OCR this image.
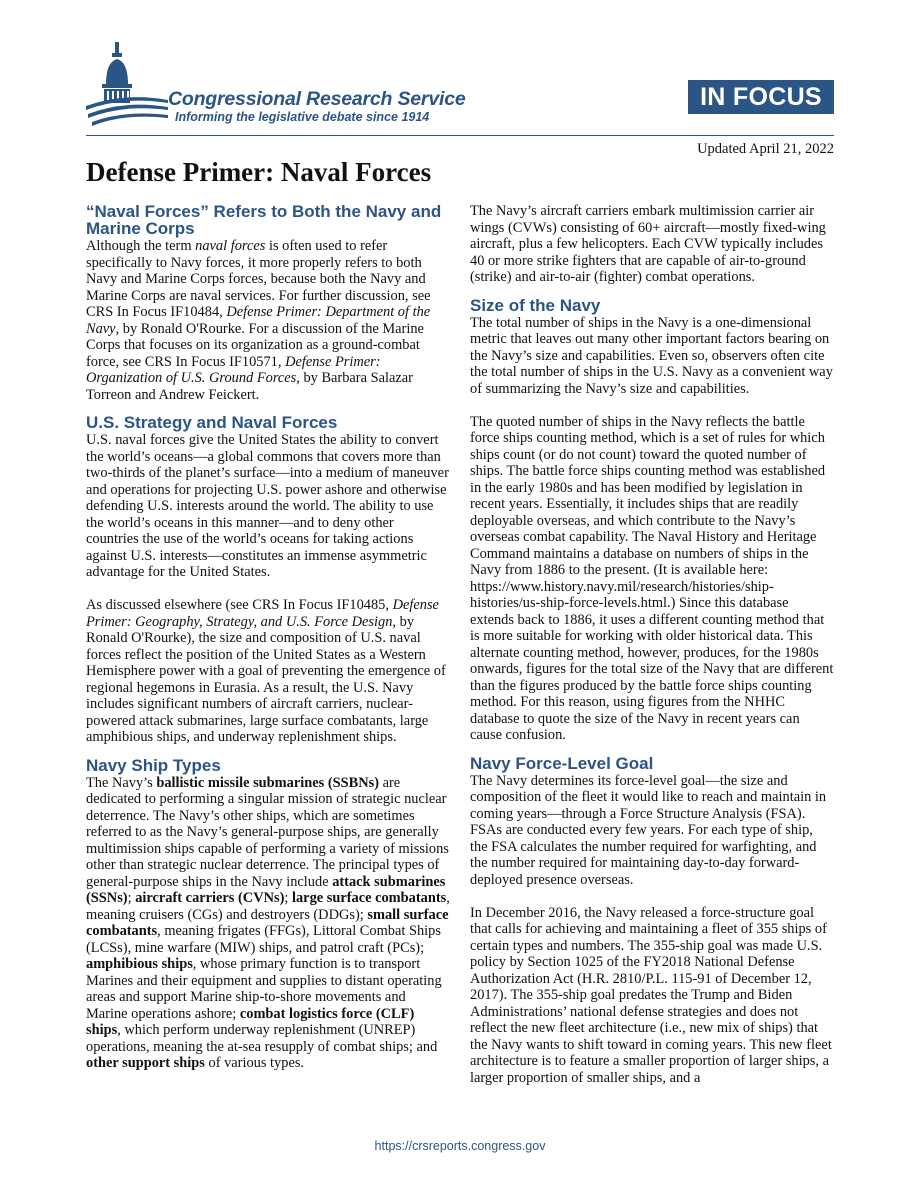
Congressional Research Service
Informing the legislative debate since 1914
IN FOCUS
Updated April 21, 2022
Defense Primer: Naval Forces
“Naval Forces” Refers to Both the Navy and Marine Corps

Although the term naval forces is often used to refer specifically to Navy forces, it more properly refers to both Navy and Marine Corps forces, because both the Navy and Marine Corps are naval services. For further discussion, see CRS In Focus IF10484, Defense Primer: Department of the Navy, by Ronald O'Rourke. For a discussion of the Marine Corps that focuses on its organization as a ground-combat force, see CRS In Focus IF10571, Defense Primer: Organization of U.S. Ground Forces, by Barbara Salazar Torreon and Andrew Feickert.

U.S. Strategy and Naval Forces

U.S. naval forces give the United States the ability to convert the world’s oceans—a global commons that covers more than two-thirds of the planet’s surface—into a medium of maneuver and operations for projecting U.S. power ashore and otherwise defending U.S. interests around the world. The ability to use the world’s oceans in this manner—and to deny other countries the use of the world’s oceans for taking actions against U.S. interests—constitutes an immense asymmetric advantage for the United States.

As discussed elsewhere (see CRS In Focus IF10485, Defense Primer: Geography, Strategy, and U.S. Force Design, by Ronald O'Rourke), the size and composition of U.S. naval forces reflect the position of the United States as a Western Hemisphere power with a goal of preventing the emergence of regional hegemons in Eurasia. As a result, the U.S. Navy includes significant numbers of aircraft carriers, nuclear-powered attack submarines, large surface combatants, large amphibious ships, and underway replenishment ships.

Navy Ship Types

The Navy’s ballistic missile submarines (SSBNs) are dedicated to performing a singular mission of strategic nuclear deterrence. The Navy’s other ships, which are sometimes referred to as the Navy’s general-purpose ships, are generally multimission ships capable of performing a variety of missions other than strategic nuclear deterrence. The principal types of general-purpose ships in the Navy include attack submarines (SSNs); aircraft carriers (CVNs); large surface combatants, meaning cruisers (CGs) and destroyers (DDGs); small surface combatants, meaning frigates (FFGs), Littoral Combat Ships (LCSs), mine warfare (MIW) ships, and patrol craft (PCs); amphibious ships, whose primary function is to transport Marines and their equipment and supplies to distant operating areas and support Marine ship-to-shore movements and Marine operations ashore; combat logistics force (CLF) ships, which perform underway replenishment (UNREP) operations, meaning the at-sea resupply of combat ships; and other support ships of various types.

The Navy’s aircraft carriers embark multimission carrier air wings (CVWs) consisting of 60+ aircraft—mostly fixed-wing aircraft, plus a few helicopters. Each CVW typically includes 40 or more strike fighters that are capable of air-to-ground (strike) and air-to-air (fighter) combat operations.

Size of the Navy

The total number of ships in the Navy is a one-dimensional metric that leaves out many other important factors bearing on the Navy’s size and capabilities. Even so, observers often cite the total number of ships in the U.S. Navy as a convenient way of summarizing the Navy’s size and capabilities.

The quoted number of ships in the Navy reflects the battle force ships counting method, which is a set of rules for which ships count (or do not count) toward the quoted number of ships. The battle force ships counting method was established in the early 1980s and has been modified by legislation in recent years. Essentially, it includes ships that are readily deployable overseas, and which contribute to the Navy’s overseas combat capability. The Naval History and Heritage Command maintains a database on numbers of ships in the Navy from 1886 to the present. (It is available here: https://www.history.navy.mil/research/histories/ship-histories/us-ship-force-levels.html.) Since this database extends back to 1886, it uses a different counting method that is more suitable for working with older historical data. This alternate counting method, however, produces, for the 1980s onwards, figures for the total size of the Navy that are different than the figures produced by the battle force ships counting method. For this reason, using figures from the NHHC database to quote the size of the Navy in recent years can cause confusion.

Navy Force-Level Goal

The Navy determines its force-level goal—the size and composition of the fleet it would like to reach and maintain in coming years—through a Force Structure Analysis (FSA). FSAs are conducted every few years. For each type of ship, the FSA calculates the number required for warfighting, and the number required for maintaining day-to-day forward-deployed presence overseas.

In December 2016, the Navy released a force-structure goal that calls for achieving and maintaining a fleet of 355 ships of certain types and numbers. The 355-ship goal was made U.S. policy by Section 1025 of the FY2018 National Defense Authorization Act (H.R. 2810/P.L. 115-91 of December 12, 2017). The 355-ship goal predates the Trump and Biden Administrations’ national defense strategies and does not reflect the new fleet architecture (i.e., new mix of ships) that the Navy wants to shift toward in coming years. This new fleet architecture is to feature a smaller proportion of larger ships, a larger proportion of smaller ships, and a

https://crsreports.congress.gov
